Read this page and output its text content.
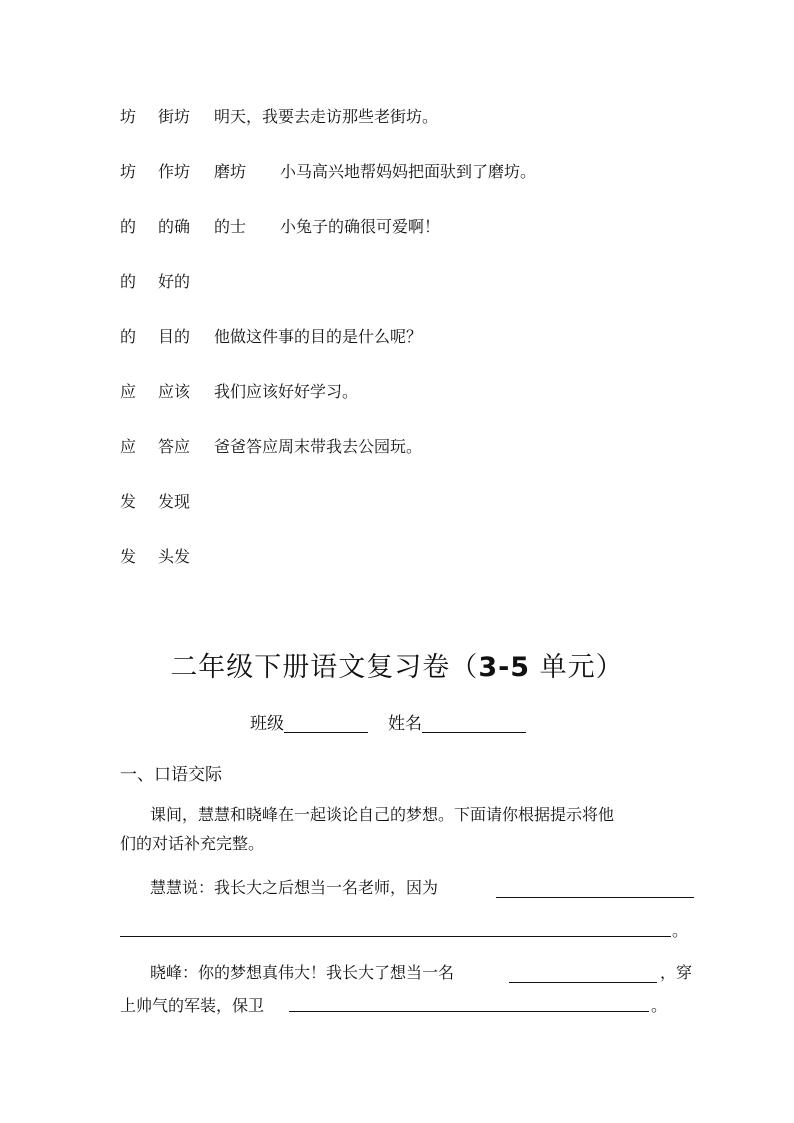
坊 街坊 明天，我要去走访那些老街坊。
坊 作坊 磨坊 小马高兴地帮妈妈把面驮到了磨坊。
的 的确 的士 小兔子的确很可爱啊！
的 好的
的 目的 他做这件事的目的是什么呢？
应 应该 我们应该好好学习。
应 答应 爸爸答应周末带我去公园玩。
发 发现
发 头发
二年级下册语文复习卷（3-5 单元）
班级	姓名
一、口语交际
课间，慧慧和晓峰在一起谈论自己的梦想。下面请你根据提示将他
们的对话补充完整。
慧慧说：我长大之后想当一名老师，因为
。
晓峰：你的梦想真伟大！我长大了想当一名	，穿
上帅气的军装，保卫	。
